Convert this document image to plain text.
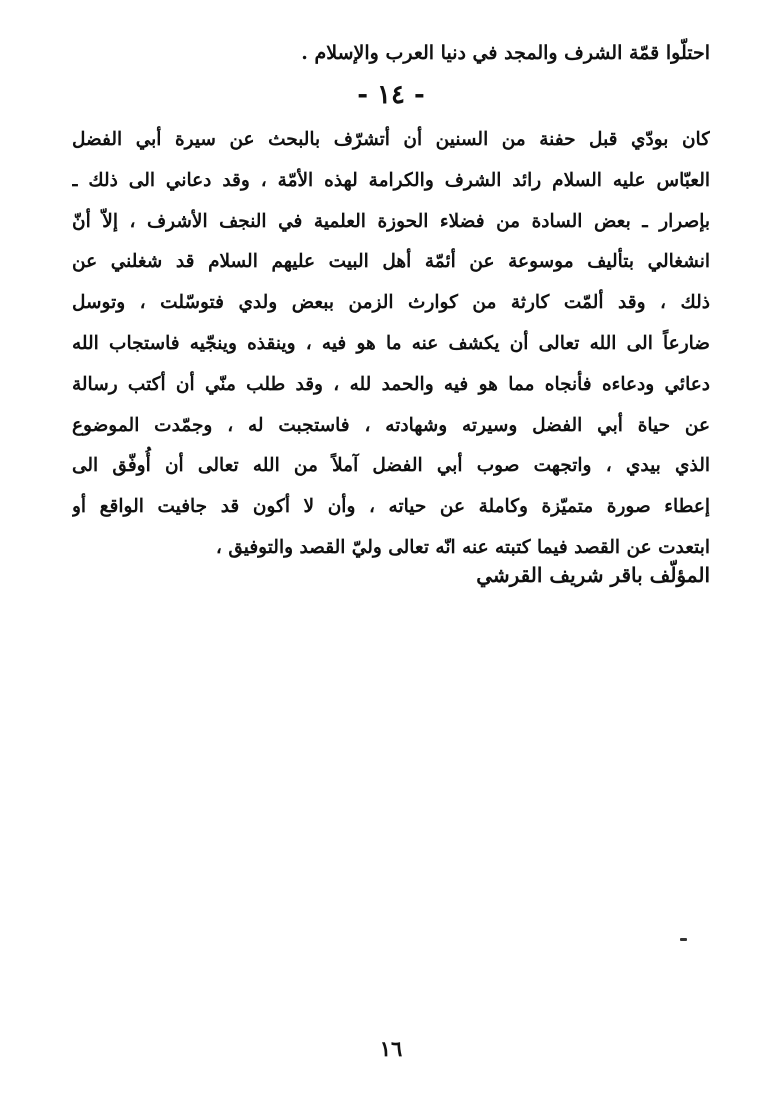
احتلّوا قمّة الشرف والمجد في دنيا العرب والإسلام .
- ١٤ -
كان بودّي قبل حفنة من السنين أن أتشرّف بالبحث عن سيرة أبي الفضل
العبّاس عليه السلام رائد الشرف والكرامة لهذه الأمّة ، وقد دعاني الى ذلك ـ
بإصرار ـ بعض السادة من فضلاء الحوزة العلمية في النجف الأشرف ، إلاّ أنّ
انشغالي بتأليف موسوعة عن أئمّة أهل البيت عليهم السلام قد شغلني عن
ذلك ، وقد ألمّت كارثة من كوارث الزمن ببعض ولدي فتوسّلت ، وتوسل
ضارعاً الى الله تعالى أن يكشف عنه ما هو فيه ، وينقذه وينجّيه فاستجاب الله
دعائي ودعاءه فأنجاه مما هو فيه والحمد لله ، وقد طلب منّي أن أكتب رسالة
عن حياة أبي الفضل وسيرته وشهادته ، فاستجبت له ، وجمّدت الموضوع
الذي بيدي ، واتجهت صوب أبي الفضل آملاً من الله تعالى أن أُوفّق الى
إعطاء صورة متميّزة وكاملة عن حياته ، وأن لا أكون قد جافيت الواقع أو
ابتعدت عن القصد فيما كتبته عنه انّه تعالى وليّ القصد والتوفيق ،
المؤلّف باقر شريف القرشي
١٦
